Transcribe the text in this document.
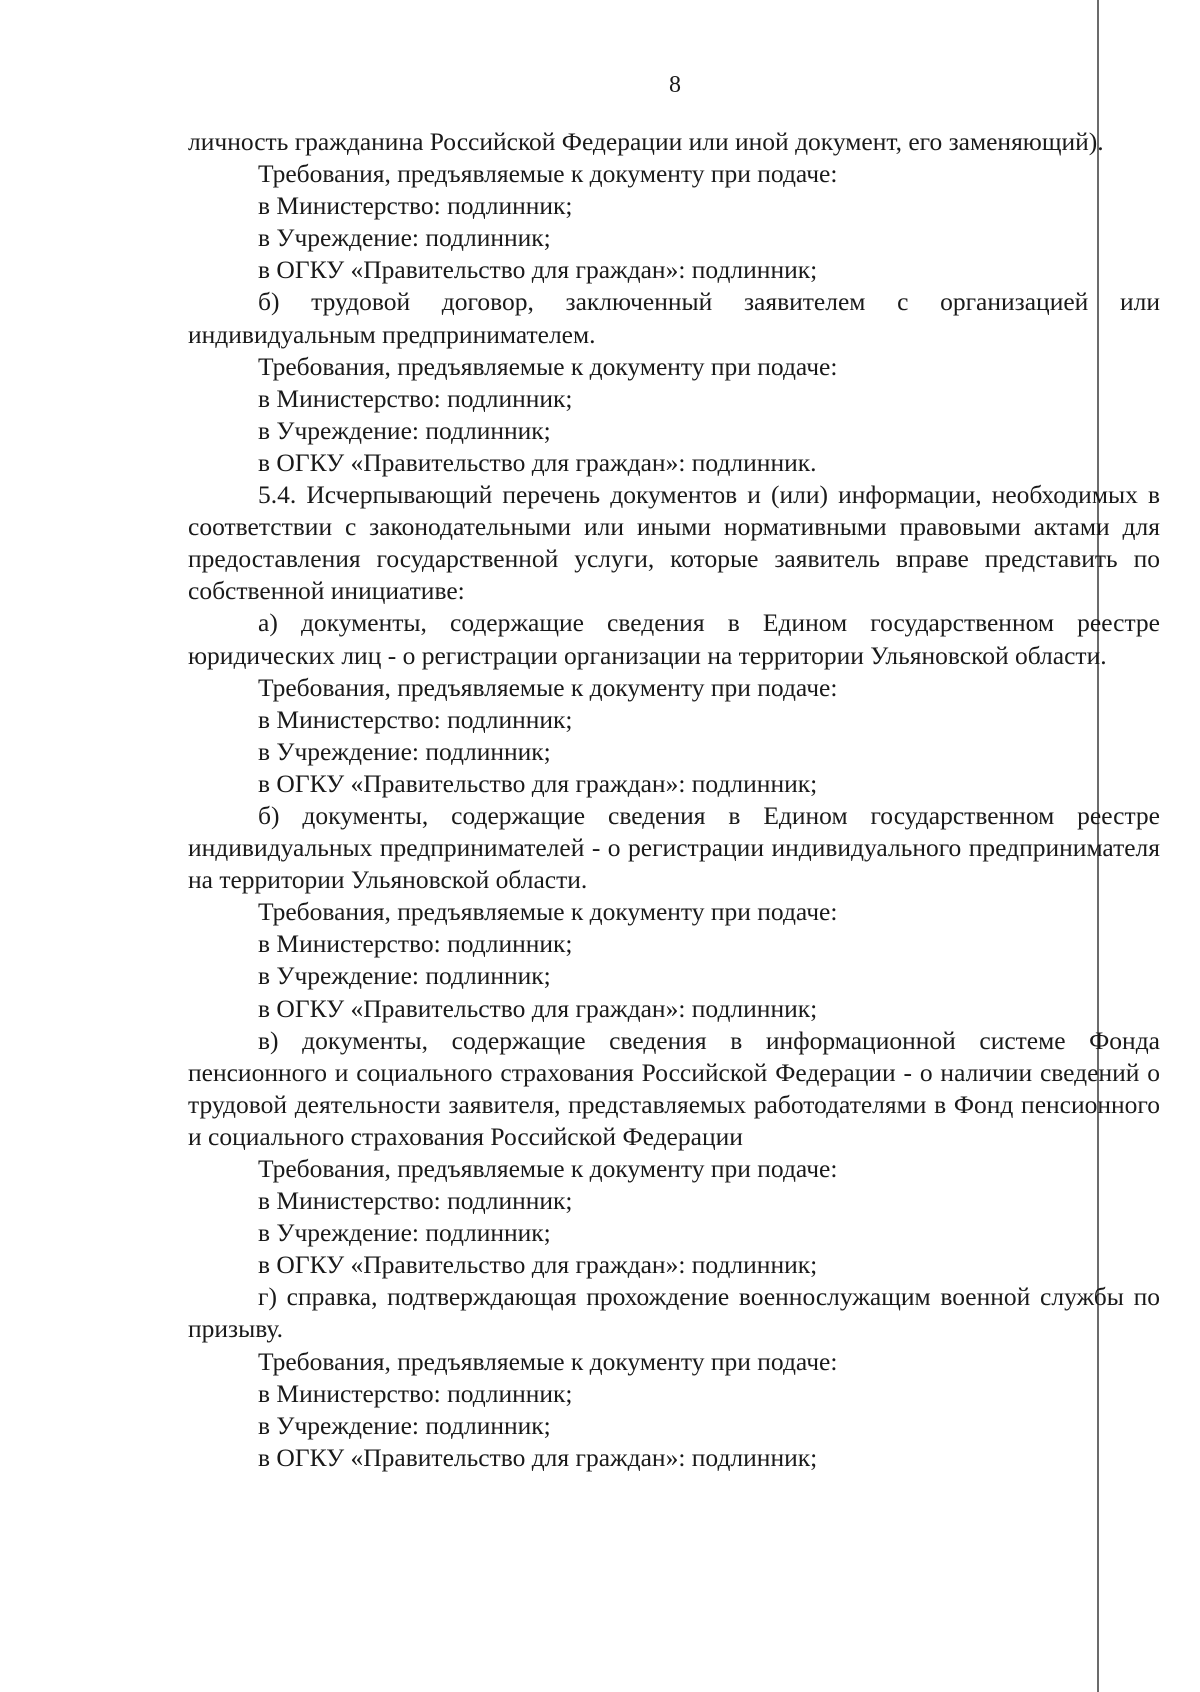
8

личность гражданина Российской Федерации или иной документ, его заменяющий).

Требования, предъявляемые к документу при подаче:

в Министерство: подлинник;

в Учреждение: подлинник;

в ОГКУ «Правительство для граждан»: подлинник;

б) трудовой договор, заключенный заявителем с организацией или индивидуальным предпринимателем.

Требования, предъявляемые к документу при подаче:

в Министерство: подлинник;

в Учреждение: подлинник;

в ОГКУ «Правительство для граждан»: подлинник.

5.4. Исчерпывающий перечень документов и (или) информации, необходимых в соответствии с законодательными или иными нормативными правовыми актами для предоставления государственной услуги, которые заявитель вправе представить по собственной инициативе:

а) документы, содержащие сведения в Едином государственном реестре юридических лиц - о регистрации организации на территории Ульяновской области.

Требования, предъявляемые к документу при подаче:

в Министерство: подлинник;

в Учреждение: подлинник;

в ОГКУ «Правительство для граждан»: подлинник;

б) документы, содержащие сведения в Едином государственном реестре индивидуальных предпринимателей - о регистрации индивидуального предпринимателя на территории Ульяновской области.

Требования, предъявляемые к документу при подаче:

в Министерство: подлинник;

в Учреждение: подлинник;

в ОГКУ «Правительство для граждан»: подлинник;

в) документы, содержащие сведения в информационной системе Фонда пенсионного и социального страхования Российской Федерации - о наличии сведений о трудовой деятельности заявителя, представляемых работодателями в Фонд пенсионного и социального страхования Российской Федерации

Требования, предъявляемые к документу при подаче:

в Министерство: подлинник;

в Учреждение: подлинник;

в ОГКУ «Правительство для граждан»: подлинник;

г) справка, подтверждающая прохождение военнослужащим военной службы по призыву.

Требования, предъявляемые к документу при подаче:

в Министерство: подлинник;

в Учреждение: подлинник;

в ОГКУ «Правительство для граждан»: подлинник;
